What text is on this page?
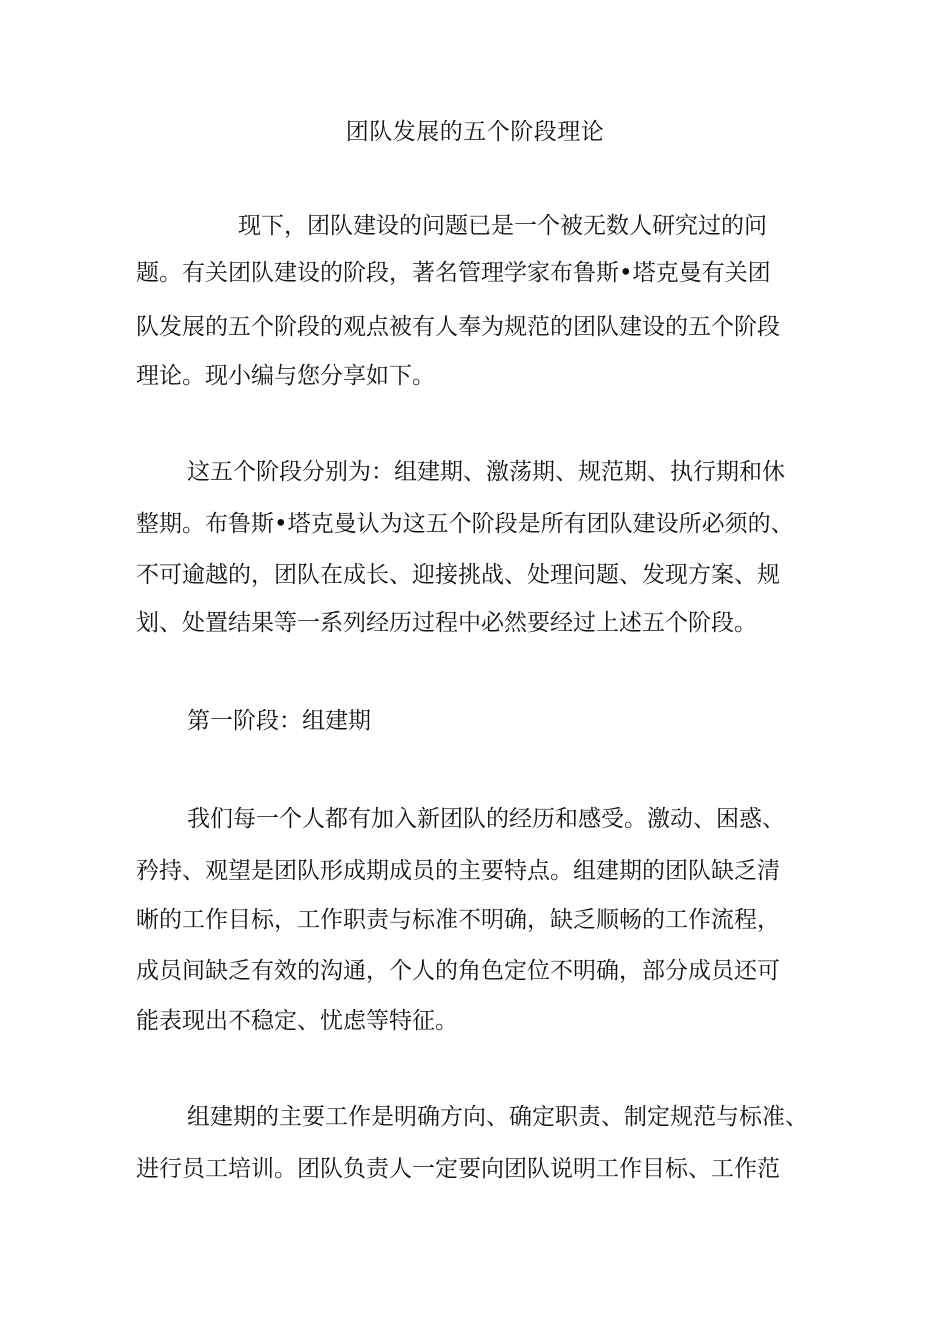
团队发展的五个阶段理论
现下，团队建设的问题已是一个被无数人研究过的问
题。有关团队建设的阶段，著名管理学家布鲁斯•塔克曼有关团
队发展的五个阶段的观点被有人奉为规范的团队建设的五个阶段
理论。现小编与您分享如下。
这五个阶段分别为：组建期、激荡期、规范期、执行期和休
整期。布鲁斯•塔克曼认为这五个阶段是所有团队建设所必须的、
不可逾越的，团队在成长、迎接挑战、处理问题、发现方案、规
划、处置结果等一系列经历过程中必然要经过上述五个阶段。
第一阶段：组建期
我们每一个人都有加入新团队的经历和感受。激动、困惑、
矜持、观望是团队形成期成员的主要特点。组建期的团队缺乏清
晰的工作目标，工作职责与标准不明确，缺乏顺畅的工作流程，
成员间缺乏有效的沟通，个人的角色定位不明确，部分成员还可
能表现出不稳定、忧虑等特征。
组建期的主要工作是明确方向、确定职责、制定规范与标准、
进行员工培训。团队负责人一定要向团队说明工作目标、工作范
